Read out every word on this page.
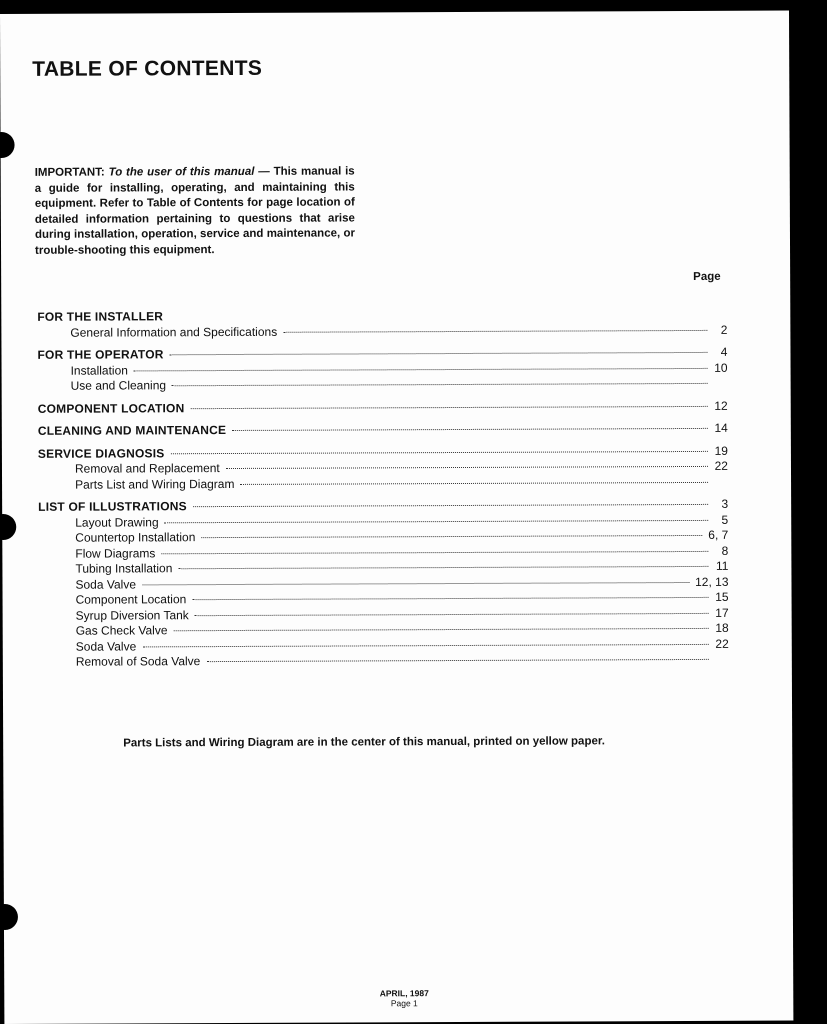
TABLE OF CONTENTS
IMPORTANT: To the user of this manual — This manual is a guide for installing, operating, and maintaining this equipment. Refer to Table of Contents for page location of detailed information pertaining to questions that arise during installation, operation, service and maintenance, or trouble-shooting this equipment.
Page
FOR THE INSTALLER
General Information and Specifications	2
FOR THE OPERATOR	4
Installation	10
Use and Cleaning
COMPONENT LOCATION	12
CLEANING AND MAINTENANCE	14
SERVICE DIAGNOSIS	19
Removal and Replacement	22
Parts List and Wiring Diagram
LIST OF ILLUSTRATIONS	3
Layout Drawing	5
Countertop Installation	6, 7
Flow Diagrams	8
Tubing Installation	11
Soda Valve	12, 13
Component Location	15
Syrup Diversion Tank	17
Gas Check Valve	18
Soda Valve	22
Removal of Soda Valve
Parts Lists and Wiring Diagram are in the center of this manual, printed on yellow paper.
APRIL, 1987
Page 1
